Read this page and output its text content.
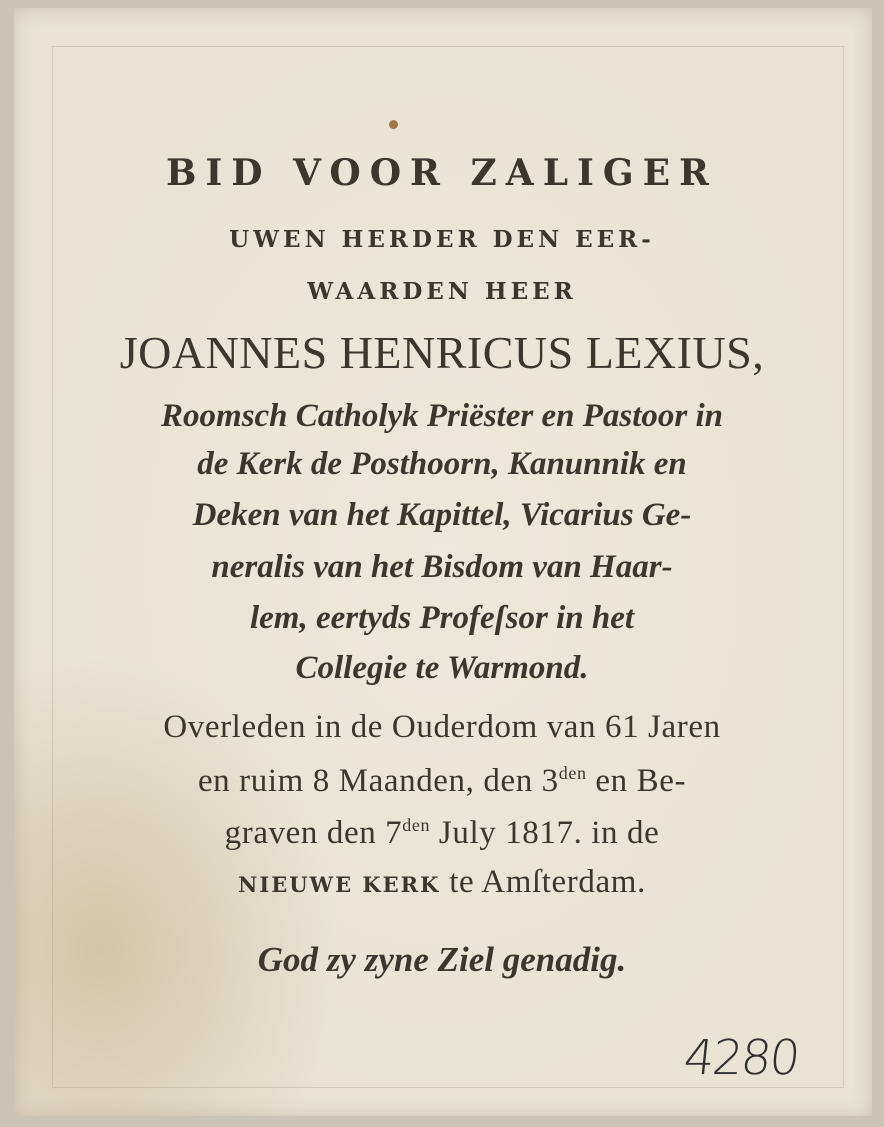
BID VOOR ZALIGER
UWEN HERDER DEN EER-
WAARDEN HEER
JOANNES HENRICUS LEXIUS,
Roomsch Catholyk Priëster en Pastoor in
de Kerk de Posthoorn, Kanunnik en
Deken van het Kapittel, Vicarius Ge-
neralis van het Bisdom van Haar-
lem, eertyds Profeſsor in het
Collegie te Warmond.
Overleden in de Ouderdom van 61 Jaren
en ruim 8 Maanden, den $3^{den}$ en Be-
graven den $7^{den}$ July 1817. in de
NIEUWE KERK te Amſterdam.
God zy zyne Ziel genadig.
4280
